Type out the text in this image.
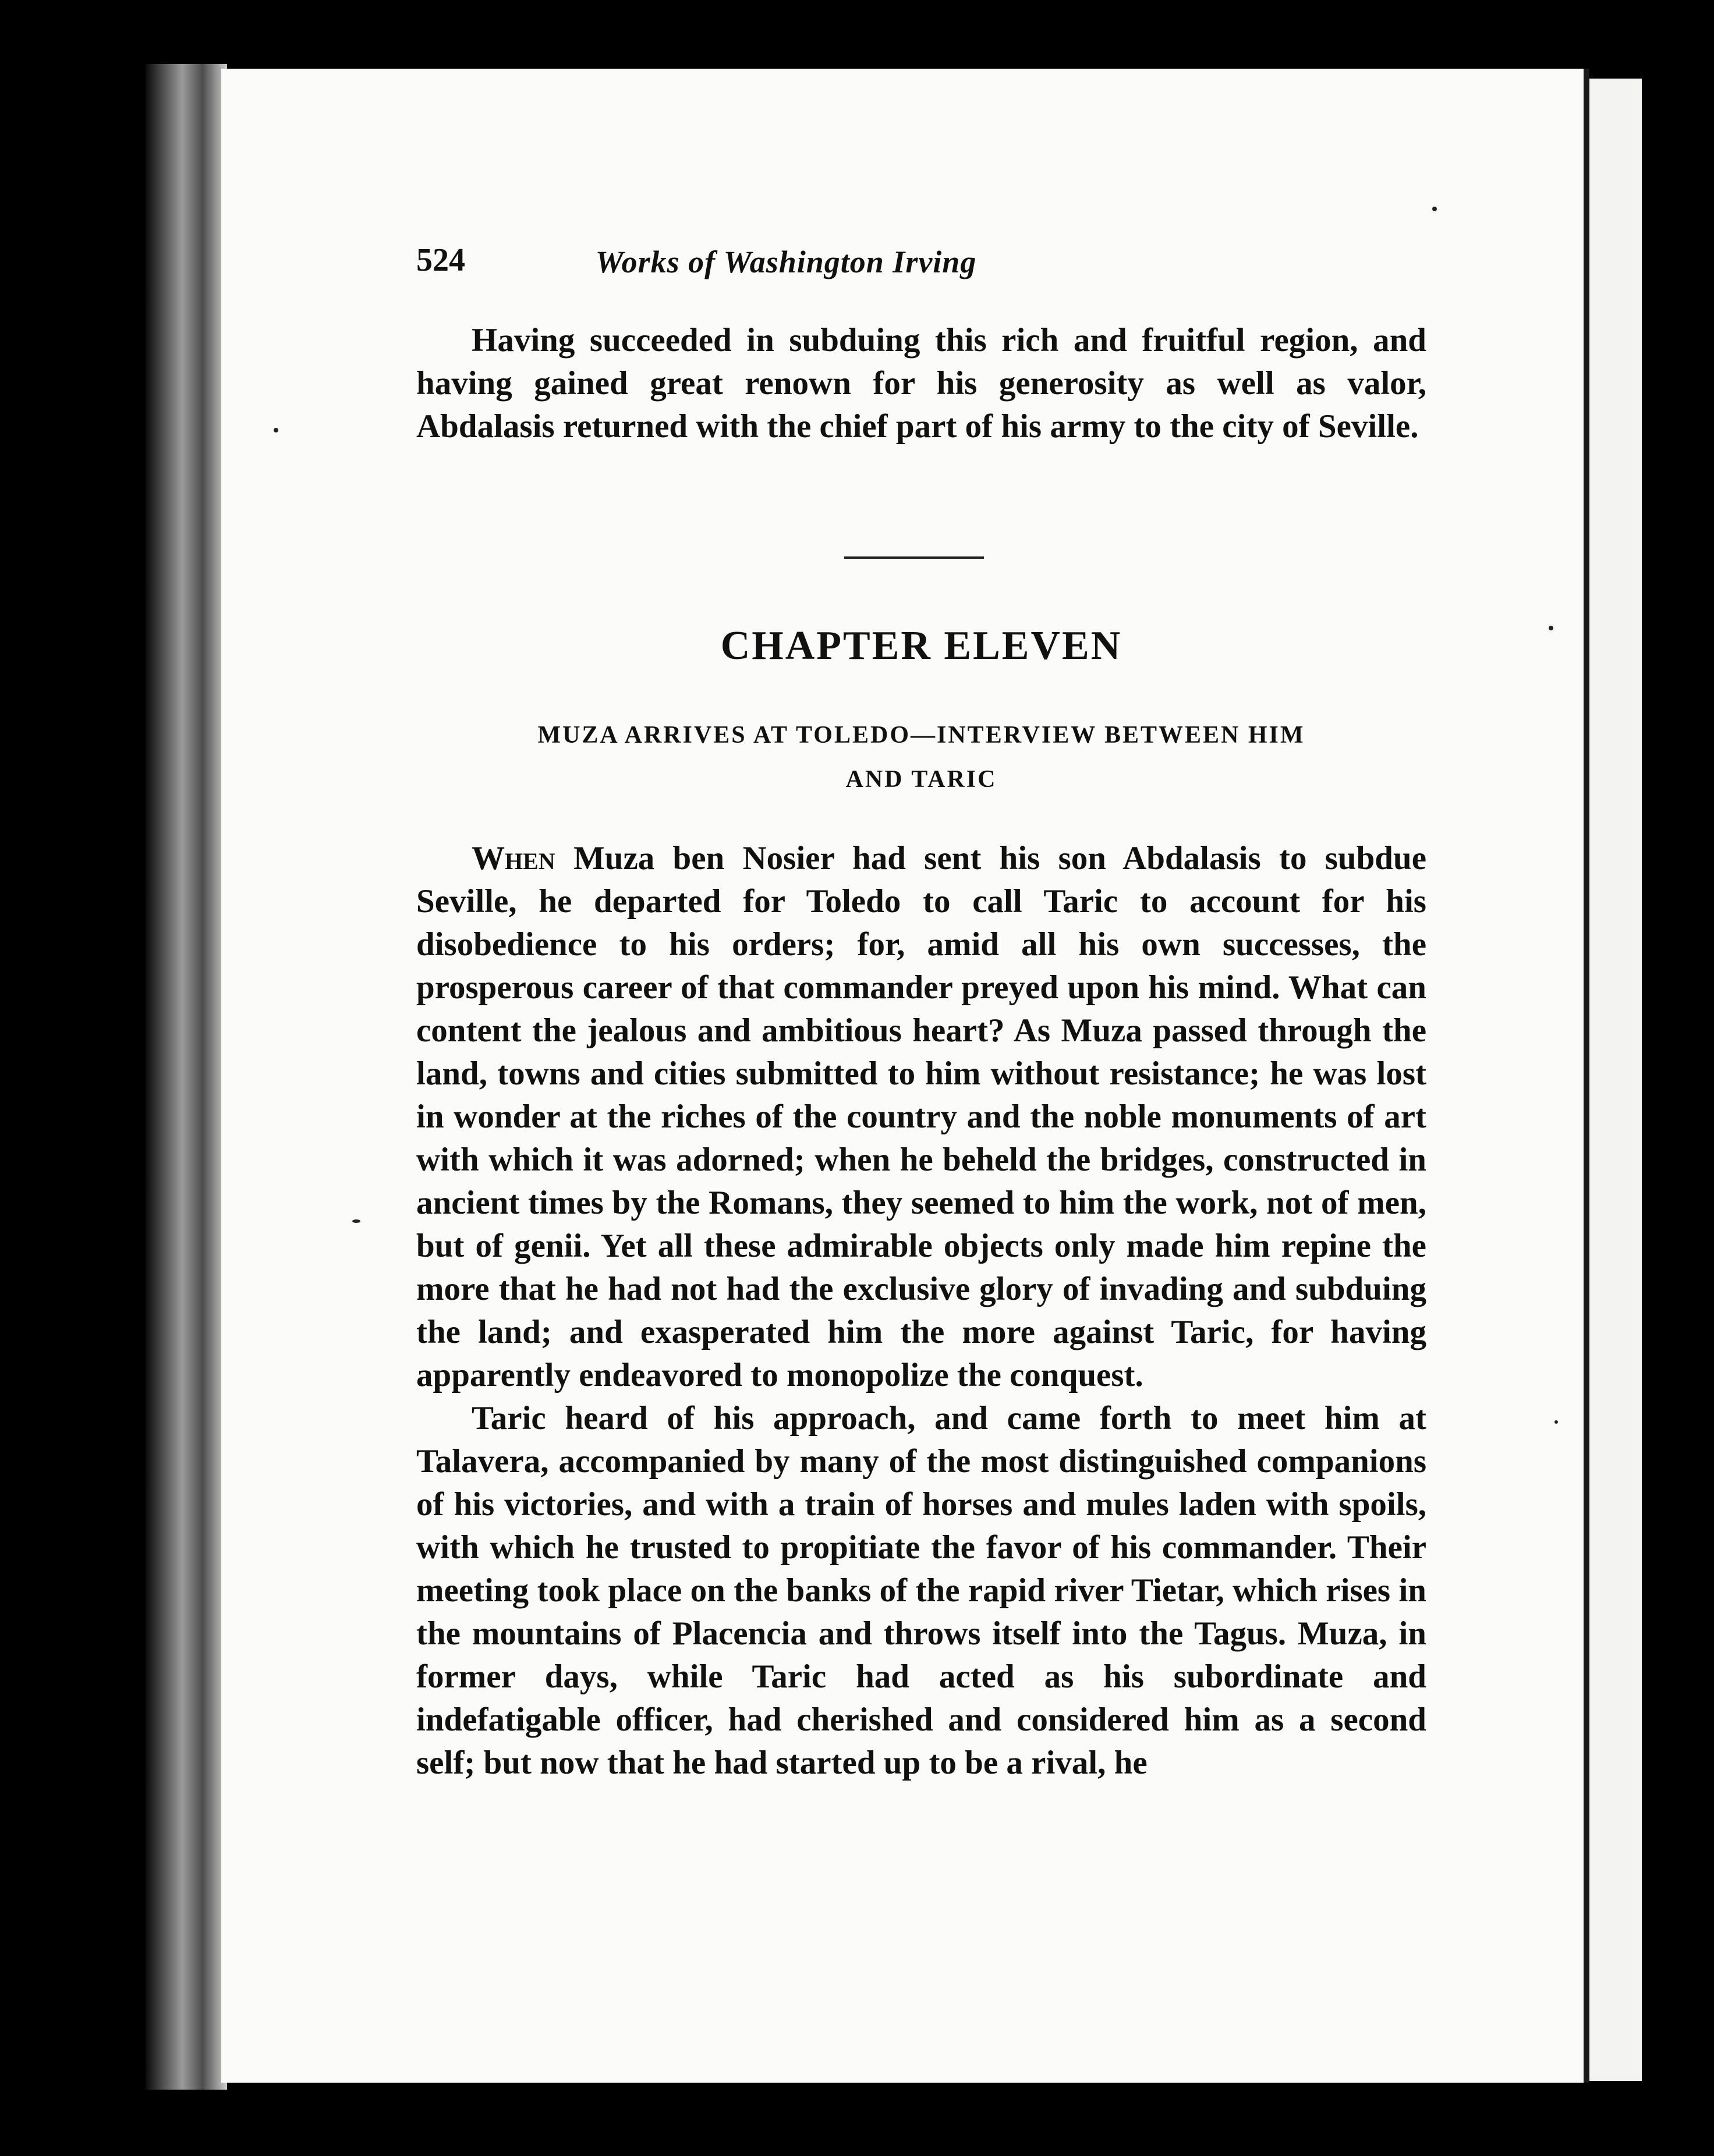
524	Works of Washington Irving

Having succeeded in subduing this rich and fruitful region, and having gained great renown for his generosity as well as valor, Abdalasis returned with the chief part of his army to the city of Seville.

CHAPTER ELEVEN
MUZA ARRIVES AT TOLEDO—INTERVIEW BETWEEN HIM
AND TARIC

When Muza ben Nosier had sent his son Abdalasis to subdue Seville, he departed for Toledo to call Taric to account for his disobedience to his orders; for, amid all his own successes, the prosperous career of that commander preyed upon his mind. What can content the jealous and ambitious heart? As Muza passed through the land, towns and cities submitted to him without resistance; he was lost in wonder at the riches of the country and the noble monuments of art with which it was adorned; when he beheld the bridges, constructed in ancient times by the Romans, they seemed to him the work, not of men, but of genii. Yet all these admirable objects only made him repine the more that he had not had the exclusive glory of invading and subduing the land; and exasperated him the more against Taric, for having apparently endeavored to monopolize the conquest.

Taric heard of his approach, and came forth to meet him at Talavera, accompanied by many of the most distinguished companions of his victories, and with a train of horses and mules laden with spoils, with which he trusted to propitiate the favor of his commander. Their meeting took place on the banks of the rapid river Tietar, which rises in the mountains of Placencia and throws itself into the Tagus. Muza, in former days, while Taric had acted as his subordinate and indefatigable officer, had cherished and considered him as a second self; but now that he had started up to be a rival, he
